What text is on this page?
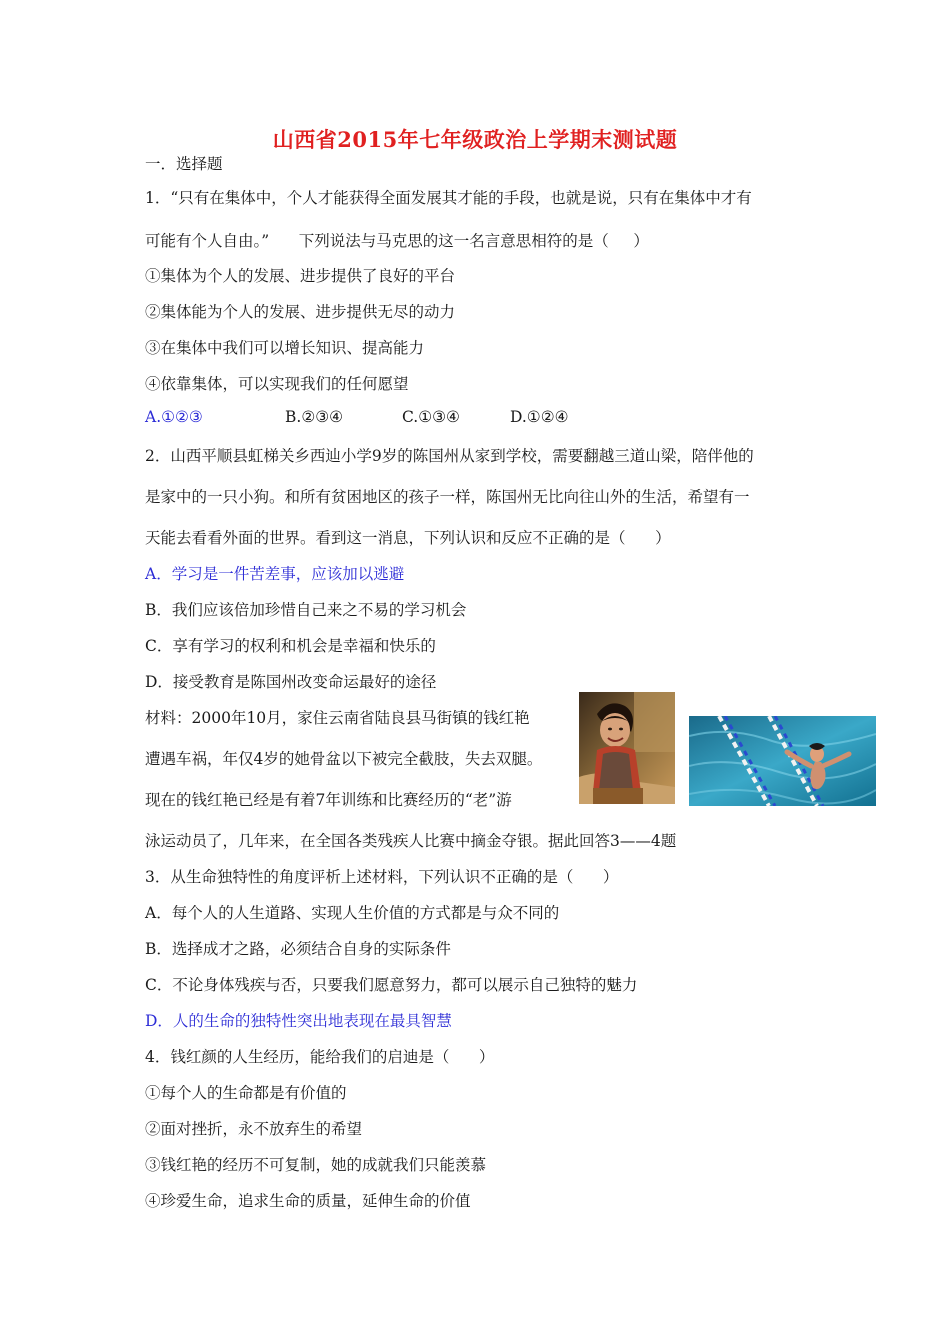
山西省2015年七年级政治上学期末测试题
一．选择题
1．“只有在集体中，个人才能获得全面发展其才能的手段，也就是说，只有在集体中才有
可能有个人自由。”      下列说法与马克思的这一名言意思相符的是（     ）
①集体为个人的发展、进步提供了良好的平台
②集体能为个人的发展、进步提供无尽的动力
③在集体中我们可以增长知识、提高能力
④依靠集体，可以实现我们的任何愿望
A.①②③	B.②③④	C.①③④	D.①②④
2．山西平顺县虹梯关乡西辿小学9岁的陈国州从家到学校，需要翻越三道山梁，陪伴他的
是家中的一只小狗。和所有贫困地区的孩子一样，陈国州无比向往山外的生活，希望有一
天能去看看外面的世界。看到这一消息，下列认识和反应不正确的是（      ）
A．学习是一件苦差事，应该加以逃避
B．我们应该倍加珍惜自己来之不易的学习机会
C．享有学习的权利和机会是幸福和快乐的
D．接受教育是陈国州改变命运最好的途径
材料：2000年10月，家住云南省陆良县马街镇的钱红艳
遭遇车祸，年仅4岁的她骨盆以下被完全截肢，失去双腿。
现在的钱红艳已经是有着7年训练和比赛经历的“老”游
泳运动员了，几年来，在全国各类残疾人比赛中摘金夺银。据此回答3——4题
3．从生命独特性的角度评析上述材料，下列认识不正确的是（      ）
A．每个人的人生道路、实现人生价值的方式都是与众不同的
B．选择成才之路，必须结合自身的实际条件
C．不论身体残疾与否，只要我们愿意努力，都可以展示自己独特的魅力
D．人的生命的独特性突出地表现在最具智慧
4．钱红颜的人生经历，能给我们的启迪是（      ）
①每个人的生命都是有价值的
②面对挫折，永不放弃生的希望
③钱红艳的经历不可复制，她的成就我们只能羡慕
④珍爱生命，追求生命的质量，延伸生命的价值
